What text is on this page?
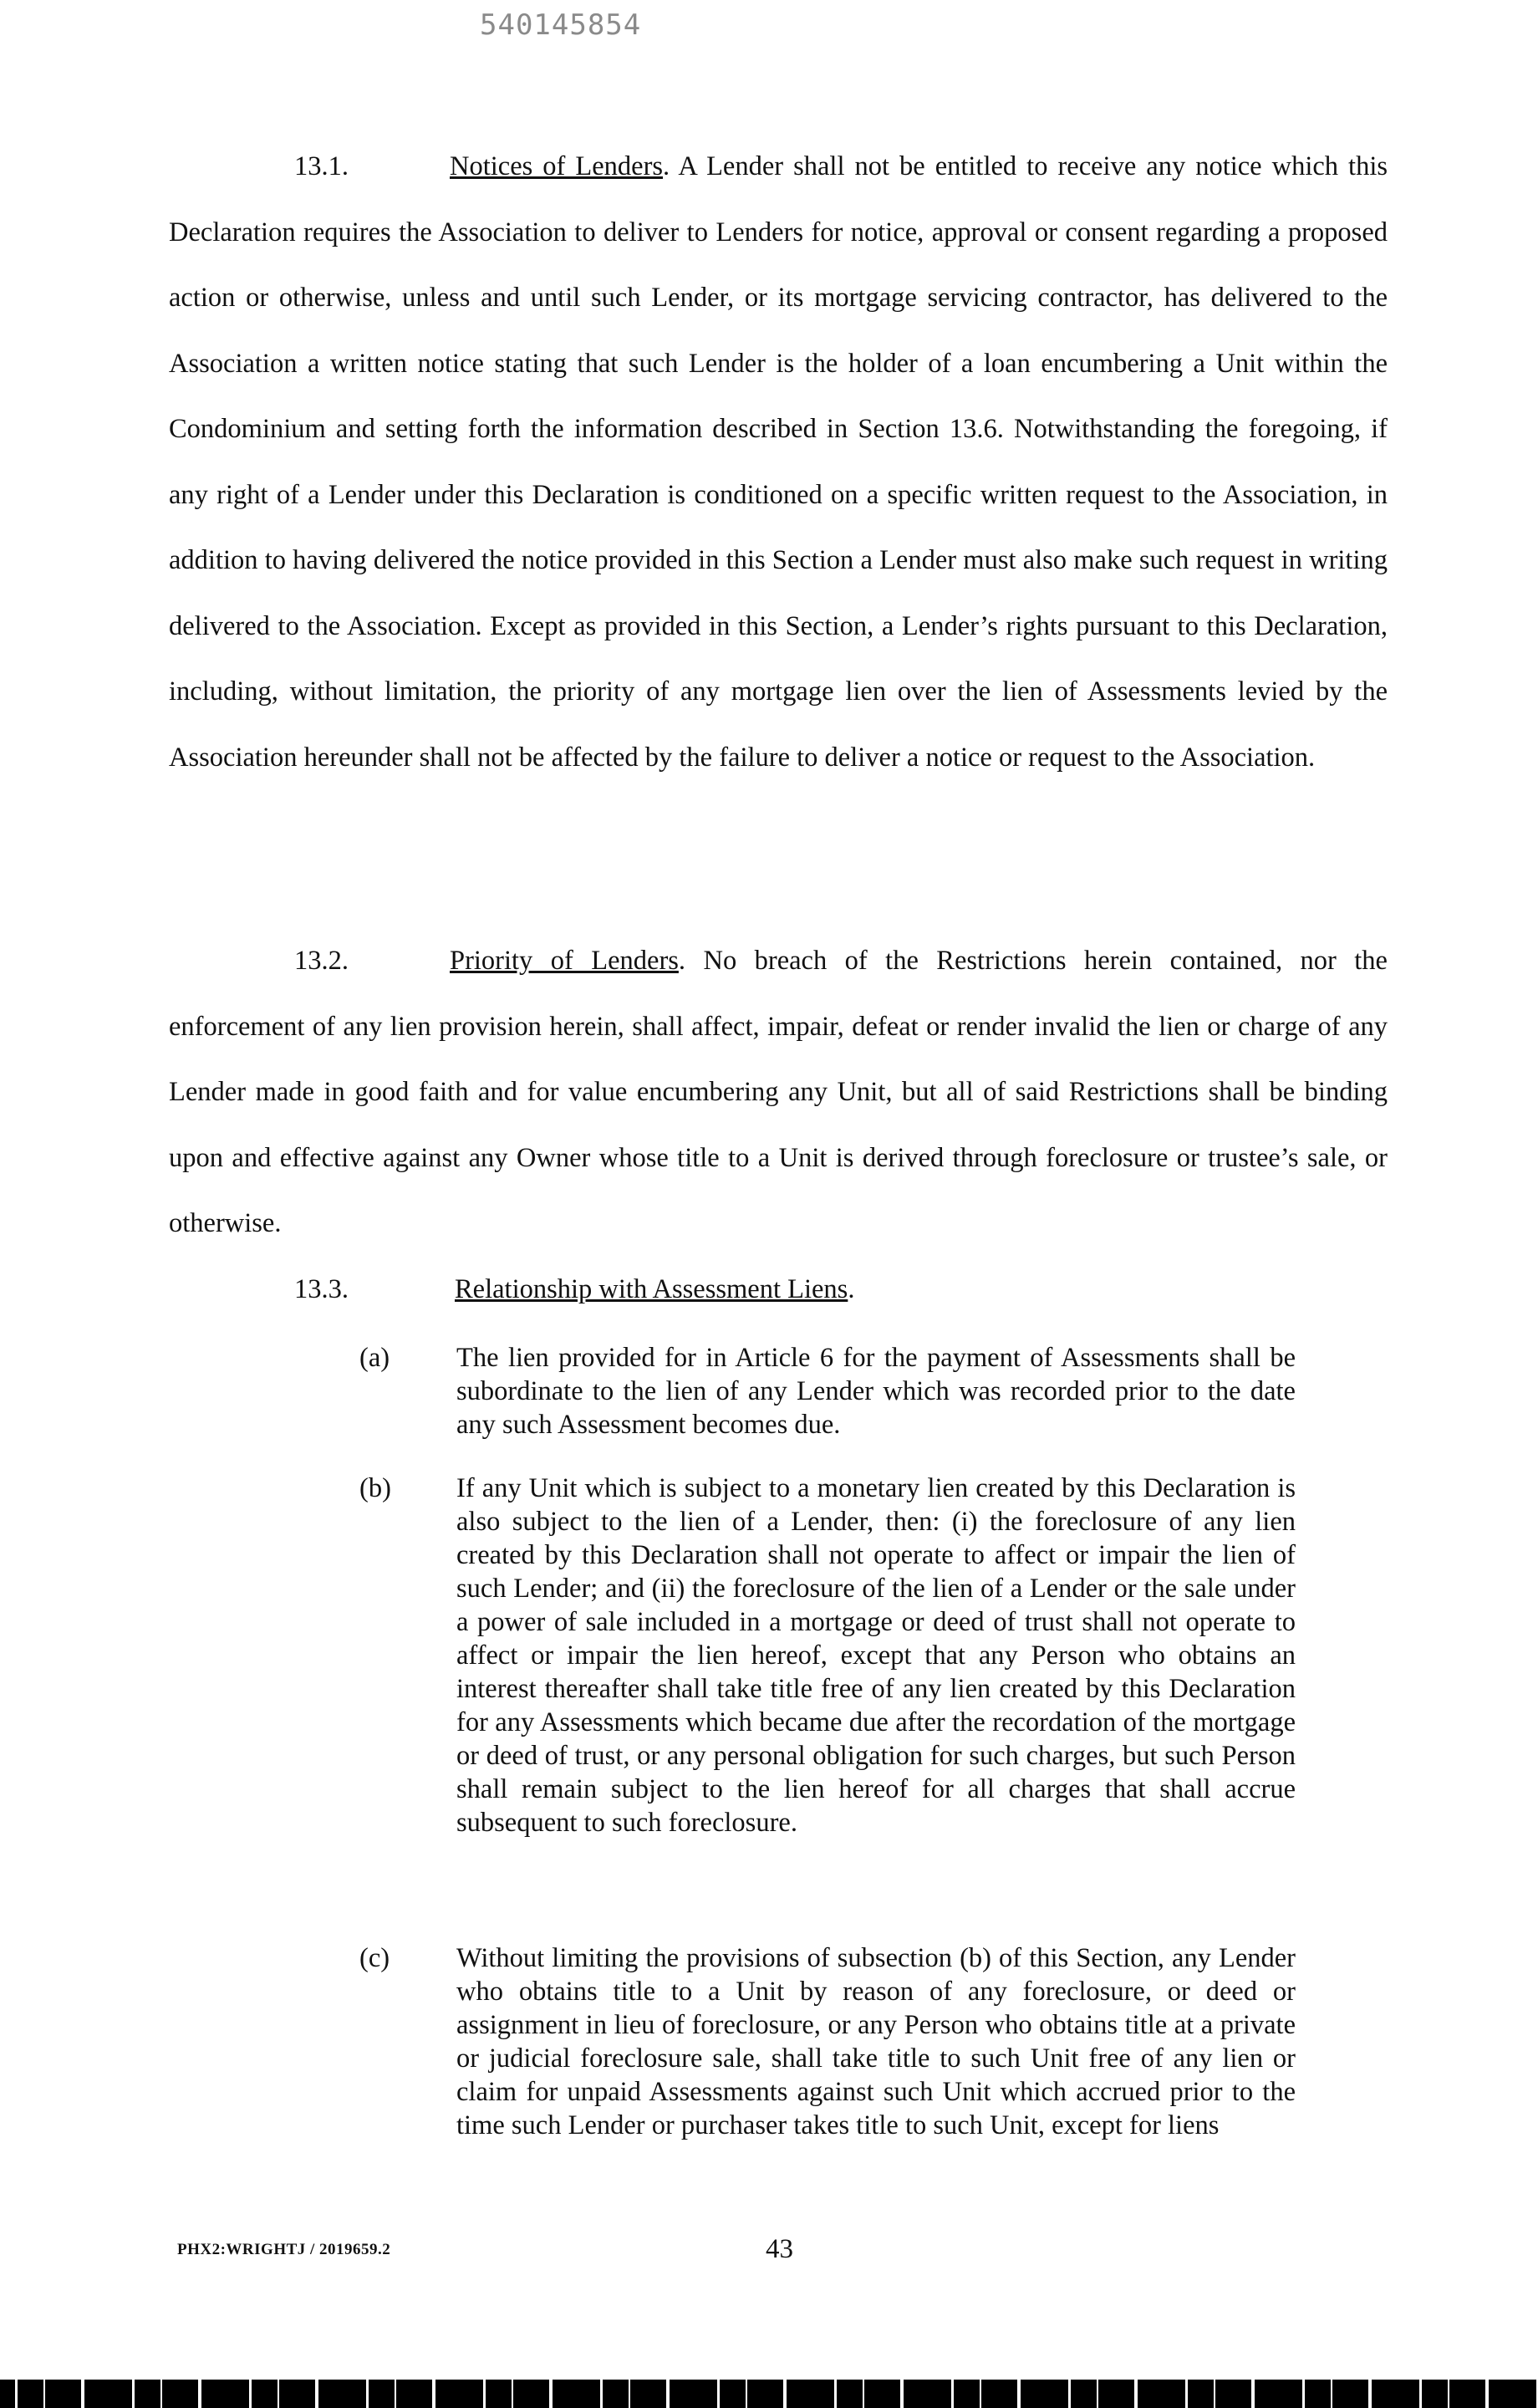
540145854
13.1.	Notices of Lenders. A Lender shall not be entitled to receive any notice which this Declaration requires the Association to deliver to Lenders for notice, approval or consent regarding a proposed action or otherwise, unless and until such Lender, or its mortgage servicing contractor, has delivered to the Association a written notice stating that such Lender is the holder of a loan encumbering a Unit within the Condominium and setting forth the information described in Section 13.6. Notwithstanding the foregoing, if any right of a Lender under this Declaration is conditioned on a specific written request to the Association, in addition to having delivered the notice provided in this Section a Lender must also make such request in writing delivered to the Association. Except as provided in this Section, a Lender’s rights pursuant to this Declaration, including, without limitation, the priority of any mortgage lien over the lien of Assessments levied by the Association hereunder shall not be affected by the failure to deliver a notice or request to the Association.
13.2.	Priority of Lenders. No breach of the Restrictions herein contained, nor the enforcement of any lien provision herein, shall affect, impair, defeat or render invalid the lien or charge of any Lender made in good faith and for value encumbering any Unit, but all of said Restrictions shall be binding upon and effective against any Owner whose title to a Unit is derived through foreclosure or trustee’s sale, or otherwise.
13.3.	Relationship with Assessment Liens.
(a) The lien provided for in Article 6 for the payment of Assessments shall be subordinate to the lien of any Lender which was recorded prior to the date any such Assessment becomes due.
(b) If any Unit which is subject to a monetary lien created by this Declaration is also subject to the lien of a Lender, then: (i) the foreclosure of any lien created by this Declaration shall not operate to affect or impair the lien of such Lender; and (ii) the foreclosure of the lien of a Lender or the sale under a power of sale included in a mortgage or deed of trust shall not operate to affect or impair the lien hereof, except that any Person who obtains an interest thereafter shall take title free of any lien created by this Declaration for any Assessments which became due after the recordation of the mortgage or deed of trust, or any personal obligation for such charges, but such Person shall remain subject to the lien hereof for all charges that shall accrue subsequent to such foreclosure.
(c) Without limiting the provisions of subsection (b) of this Section, any Lender who obtains title to a Unit by reason of any foreclosure, or deed or assignment in lieu of foreclosure, or any Person who obtains title at a private or judicial foreclosure sale, shall take title to such Unit free of any lien or claim for unpaid Assessments against such Unit which accrued prior to the time such Lender or purchaser takes title to such Unit, except for liens
PHX2:WRIGHTJ / 2019659.2	43
